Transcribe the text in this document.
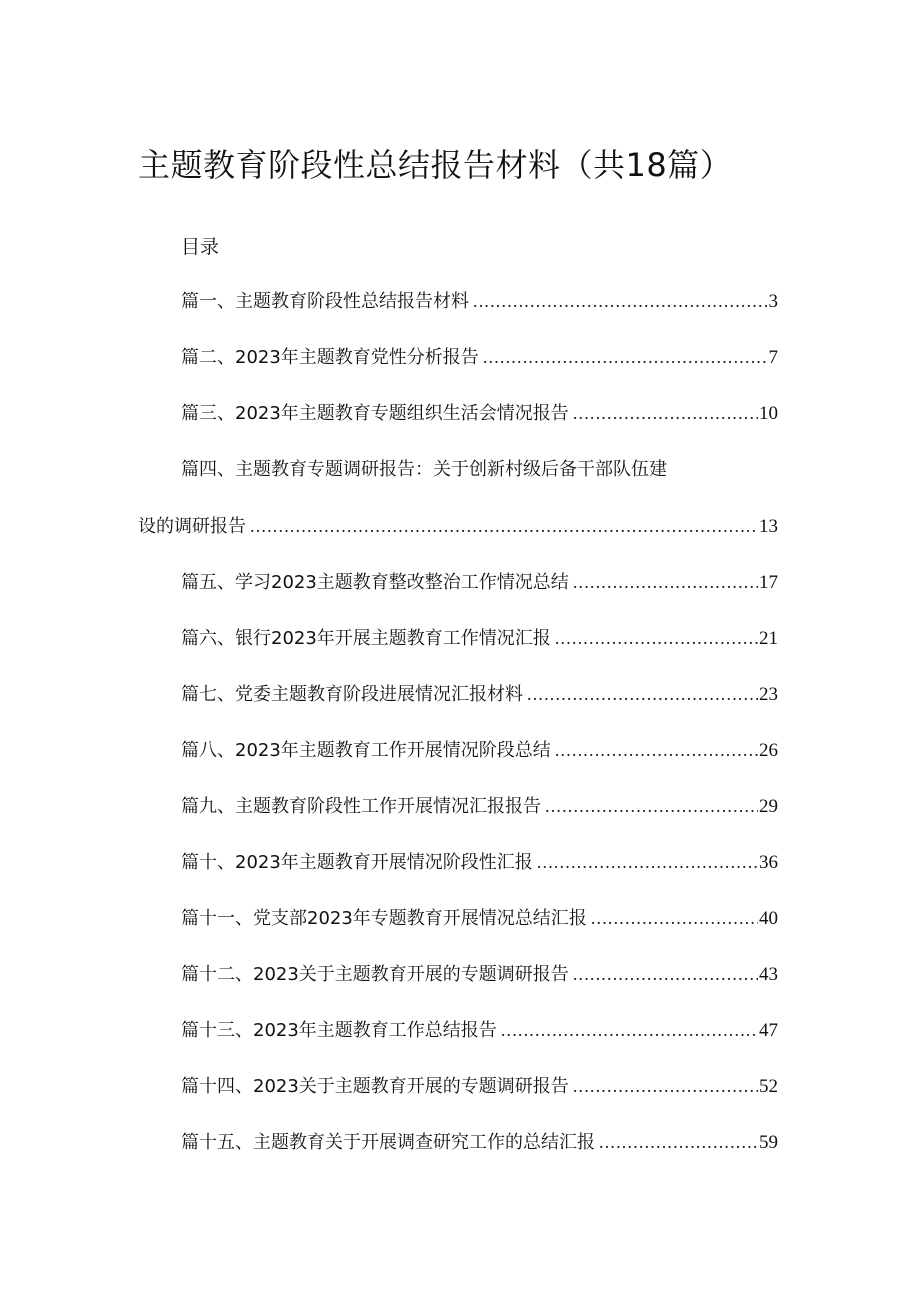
主题教育阶段性总结报告材料（共18篇）
目录
篇一、主题教育阶段性总结报告材料 .....	3
篇二、2023年主题教育党性分析报告 .....	7
篇三、2023年主题教育专题组织生活会情况报告 .....	10
篇四、主题教育专题调研报告：关于创新村级后备干部队伍建
设的调研报告 .....	13
篇五、学习2023主题教育整改整治工作情况总结 .....	17
篇六、银行2023年开展主题教育工作情况汇报 .....	21
篇七、党委主题教育阶段进展情况汇报材料 .....	23
篇八、2023年主题教育工作开展情况阶段总结 .....	26
篇九、主题教育阶段性工作开展情况汇报报告 .....	29
篇十、2023年主题教育开展情况阶段性汇报 .....	36
篇十一、党支部2023年专题教育开展情况总结汇报 .....	40
篇十二、2023关于主题教育开展的专题调研报告 .....	43
篇十三、2023年主题教育工作总结报告 .....	47
篇十四、2023关于主题教育开展的专题调研报告 .....	52
篇十五、主题教育关于开展调查研究工作的总结汇报 .....	59
